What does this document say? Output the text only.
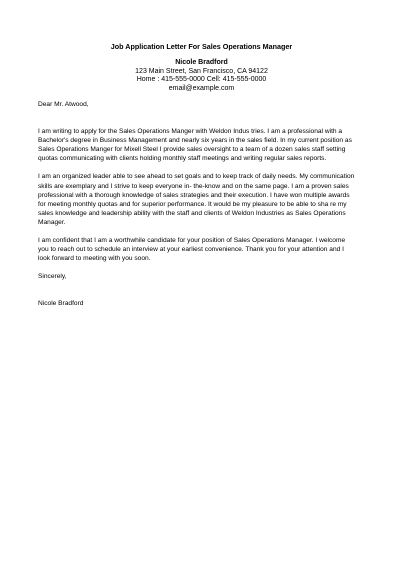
Job Application Letter For Sales Operations Manager
Nicole Bradford
123 Main Street, San Francisco, CA 94122
Home : 415-555-0000 Cell: 415-555-0000
email@example.com

Dear Mr. Atwood,

I am writing to apply for the Sales Operations Manger with Weldon Indus tries. I am a professional with a
Bachelor's degree in Business Management and nearly six years in the sales field. In my current position as
Sales Operations Manger for Mixell Steel I provide sales oversight to a team of a dozen sales staff setting
quotas communicating with clients holding monthly staff meetings and writing regular sales reports.

I am an organized leader able to see ahead to set goals and to keep track of daily needs. My communication
skills are exemplary and I strive to keep everyone in- the-know and on the same page. I am a proven sales
professional with a thorough knowledge of sales strategies and their execution. I have won multiple awards
for meeting monthly quotas and for superior performance. It would be my pleasure to be able to sha re my
sales knowledge and leadership ability with the staff and clients of Weldon Industries as Sales Operations
Manager.

I am confident that I am a worthwhile candidate for your position of Sales Operations Manager. I welcome
you to reach out to schedule an interview at your earliest convenience. Thank you for your attention and I
look forward to meeting with you soon.

Sincerely,

Nicole Bradford
